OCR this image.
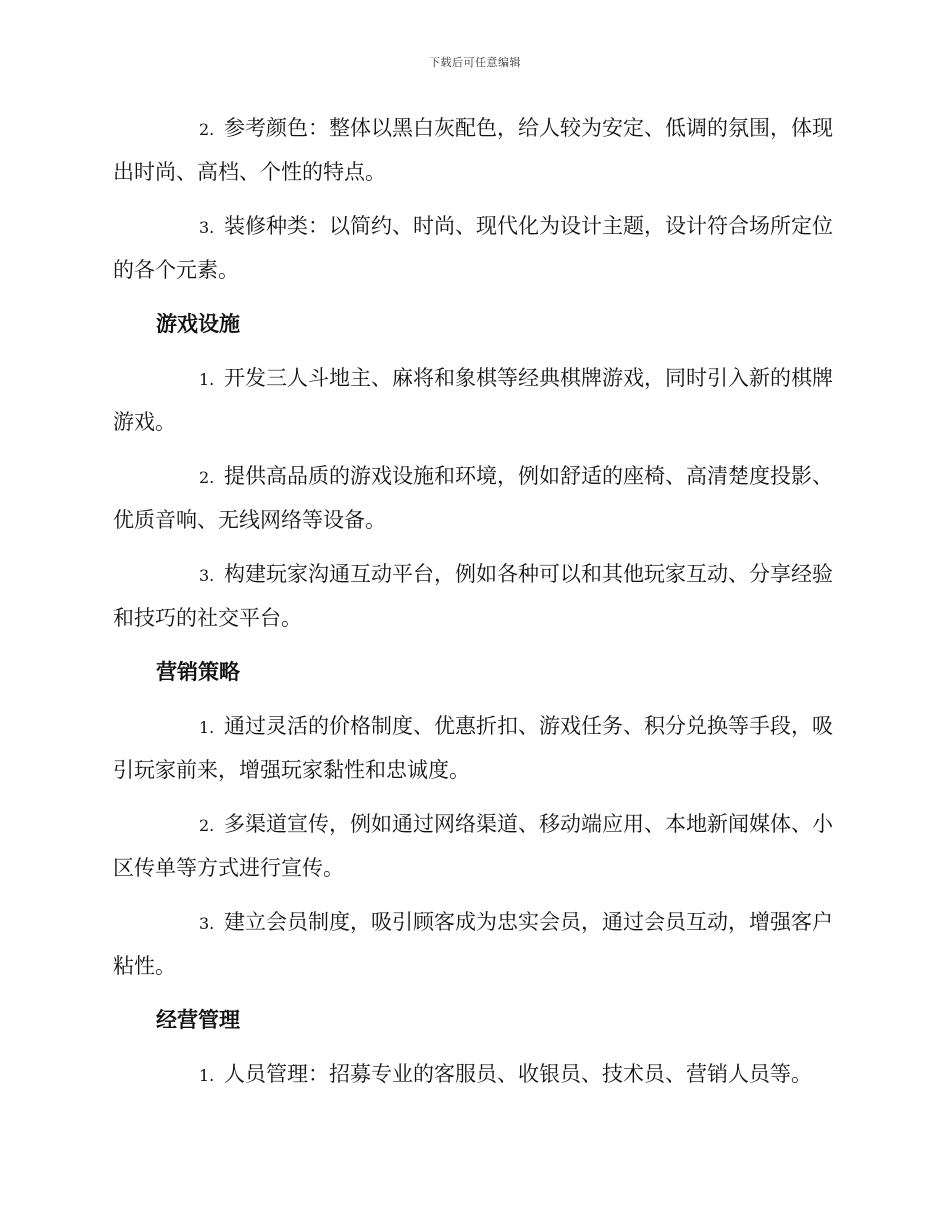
下载后可任意编辑

2. 参考颜色：整体以黑白灰配色，给人较为安定、低调的氛围，体现出时尚、高档、个性的特点。

3. 装修种类：以简约、时尚、现代化为设计主题，设计符合场所定位的各个元素。

游戏设施

1. 开发三人斗地主、麻将和象棋等经典棋牌游戏，同时引入新的棋牌游戏。

2. 提供高品质的游戏设施和环境，例如舒适的座椅、高清楚度投影、优质音响、无线网络等设备。

3. 构建玩家沟通互动平台，例如各种可以和其他玩家互动、分享经验和技巧的社交平台。

营销策略

1. 通过灵活的价格制度、优惠折扣、游戏任务、积分兑换等手段，吸引玩家前来，增强玩家黏性和忠诚度。

2. 多渠道宣传，例如通过网络渠道、移动端应用、本地新闻媒体、小区传单等方式进行宣传。

3. 建立会员制度，吸引顾客成为忠实会员，通过会员互动，增强客户粘性。

经营管理

1. 人员管理：招募专业的客服员、收银员、技术员、营销人员等。
